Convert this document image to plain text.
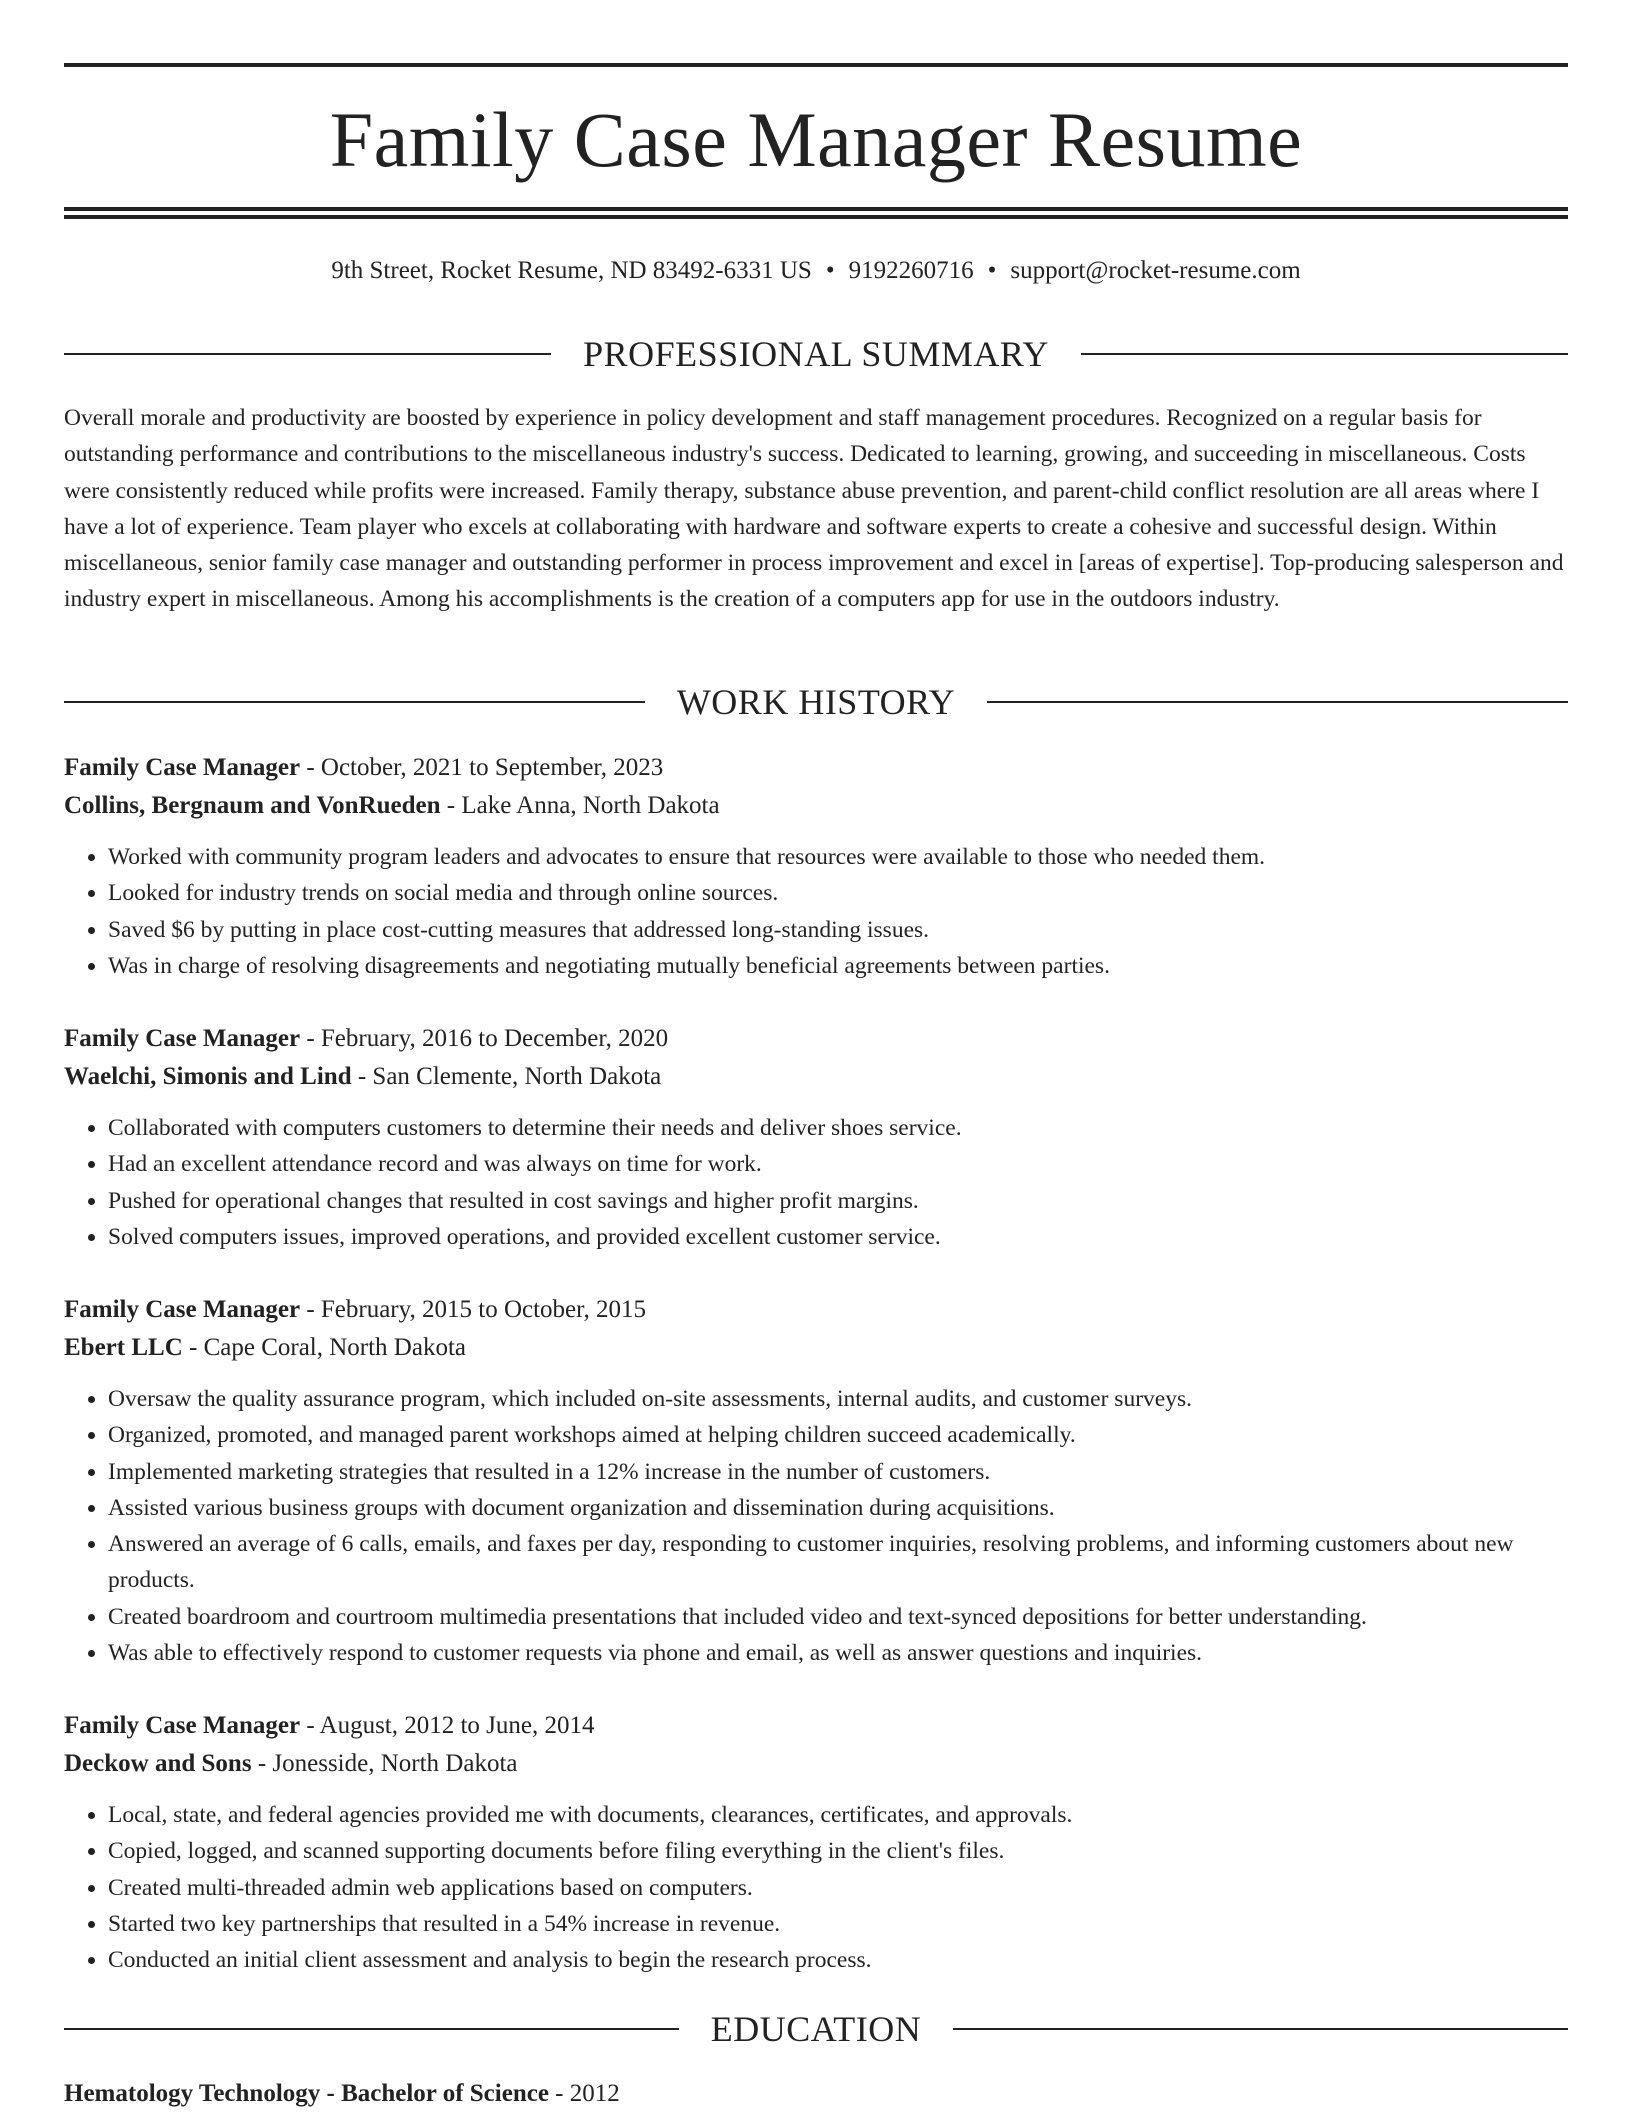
Family Case Manager Resume
9th Street, Rocket Resume, ND 83492-6331 US • 9192260716 • support@rocket-resume.com
PROFESSIONAL SUMMARY

Overall morale and productivity are boosted by experience in policy development and staff management procedures. Recognized on a regular basis for outstanding performance and contributions to the miscellaneous industry's success. Dedicated to learning, growing, and succeeding in miscellaneous. Costs were consistently reduced while profits were increased. Family therapy, substance abuse prevention, and parent-child conflict resolution are all areas where I have a lot of experience. Team player who excels at collaborating with hardware and software experts to create a cohesive and successful design. Within miscellaneous, senior family case manager and outstanding performer in process improvement and excel in [areas of expertise]. Top-producing salesperson and industry expert in miscellaneous. Among his accomplishments is the creation of a computers app for use in the outdoors industry.

WORK HISTORY
Family Case Manager - October, 2021 to September, 2023
Collins, Bergnaum and VonRueden - Lake Anna, North Dakota
• Worked with community program leaders and advocates to ensure that resources were available to those who needed them.
• Looked for industry trends on social media and through online sources.
• Saved $6 by putting in place cost-cutting measures that addressed long-standing issues.
• Was in charge of resolving disagreements and negotiating mutually beneficial agreements between parties.
Family Case Manager - February, 2016 to December, 2020
Waelchi, Simonis and Lind - San Clemente, North Dakota
• Collaborated with computers customers to determine their needs and deliver shoes service.
• Had an excellent attendance record and was always on time for work.
• Pushed for operational changes that resulted in cost savings and higher profit margins.
• Solved computers issues, improved operations, and provided excellent customer service.
Family Case Manager - February, 2015 to October, 2015
Ebert LLC - Cape Coral, North Dakota
• Oversaw the quality assurance program, which included on-site assessments, internal audits, and customer surveys.
• Organized, promoted, and managed parent workshops aimed at helping children succeed academically.
• Implemented marketing strategies that resulted in a 12% increase in the number of customers.
• Assisted various business groups with document organization and dissemination during acquisitions.
• Answered an average of 6 calls, emails, and faxes per day, responding to customer inquiries, resolving problems, and informing customers about new products.
• Created boardroom and courtroom multimedia presentations that included video and text-synced depositions for better understanding.
• Was able to effectively respond to customer requests via phone and email, as well as answer questions and inquiries.
Family Case Manager - August, 2012 to June, 2014
Deckow and Sons - Jonesside, North Dakota
• Local, state, and federal agencies provided me with documents, clearances, certificates, and approvals.
• Copied, logged, and scanned supporting documents before filing everything in the client's files.
• Created multi-threaded admin web applications based on computers.
• Started two key partnerships that resulted in a 54% increase in revenue.
• Conducted an initial client assessment and analysis to begin the research process.
EDUCATION
Hematology Technology - Bachelor of Science - 2012
